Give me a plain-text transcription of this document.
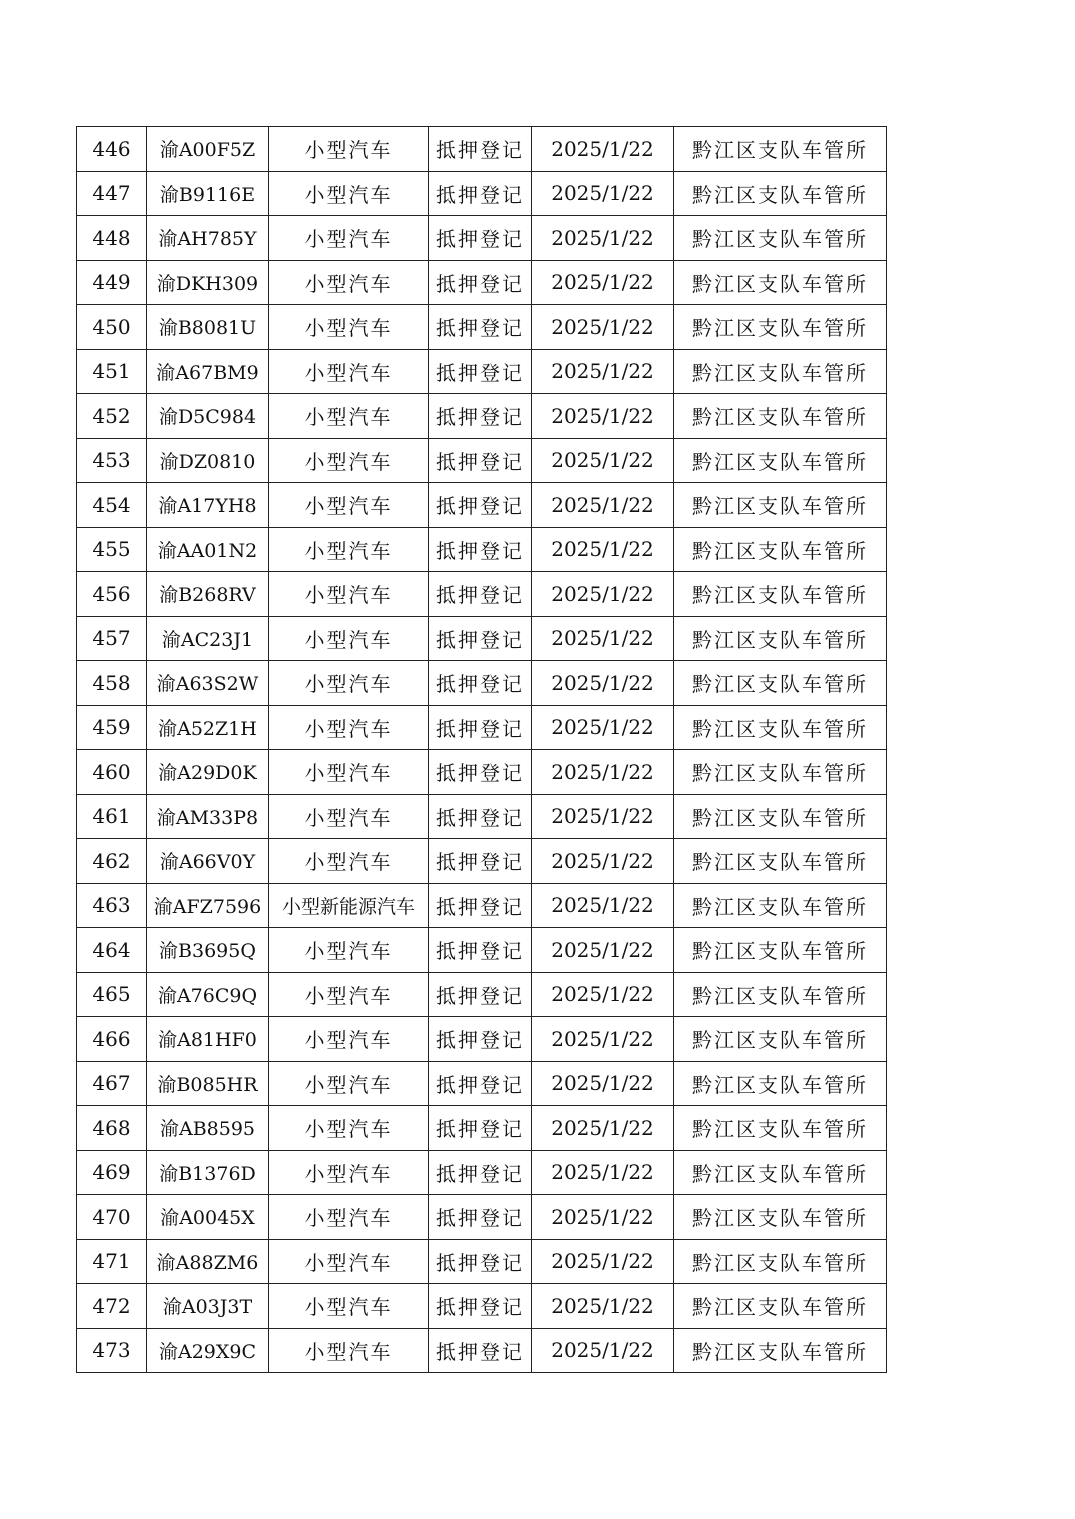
446	渝A00F5Z	小型汽车	抵押登记	2025/1/22	黔江区支队车管所
447	渝B9116E	小型汽车	抵押登记	2025/1/22	黔江区支队车管所
448	渝AH785Y	小型汽车	抵押登记	2025/1/22	黔江区支队车管所
449	渝DKH309	小型汽车	抵押登记	2025/1/22	黔江区支队车管所
450	渝B8081U	小型汽车	抵押登记	2025/1/22	黔江区支队车管所
451	渝A67BM9	小型汽车	抵押登记	2025/1/22	黔江区支队车管所
452	渝D5C984	小型汽车	抵押登记	2025/1/22	黔江区支队车管所
453	渝DZ0810	小型汽车	抵押登记	2025/1/22	黔江区支队车管所
454	渝A17YH8	小型汽车	抵押登记	2025/1/22	黔江区支队车管所
455	渝AA01N2	小型汽车	抵押登记	2025/1/22	黔江区支队车管所
456	渝B268RV	小型汽车	抵押登记	2025/1/22	黔江区支队车管所
457	渝AC23J1	小型汽车	抵押登记	2025/1/22	黔江区支队车管所
458	渝A63S2W	小型汽车	抵押登记	2025/1/22	黔江区支队车管所
459	渝A52Z1H	小型汽车	抵押登记	2025/1/22	黔江区支队车管所
460	渝A29D0K	小型汽车	抵押登记	2025/1/22	黔江区支队车管所
461	渝AM33P8	小型汽车	抵押登记	2025/1/22	黔江区支队车管所
462	渝A66V0Y	小型汽车	抵押登记	2025/1/22	黔江区支队车管所
463	渝AFZ7596	小型新能源汽车	抵押登记	2025/1/22	黔江区支队车管所
464	渝B3695Q	小型汽车	抵押登记	2025/1/22	黔江区支队车管所
465	渝A76C9Q	小型汽车	抵押登记	2025/1/22	黔江区支队车管所
466	渝A81HF0	小型汽车	抵押登记	2025/1/22	黔江区支队车管所
467	渝B085HR	小型汽车	抵押登记	2025/1/22	黔江区支队车管所
468	渝AB8595	小型汽车	抵押登记	2025/1/22	黔江区支队车管所
469	渝B1376D	小型汽车	抵押登记	2025/1/22	黔江区支队车管所
470	渝A0045X	小型汽车	抵押登记	2025/1/22	黔江区支队车管所
471	渝A88ZM6	小型汽车	抵押登记	2025/1/22	黔江区支队车管所
472	渝A03J3T	小型汽车	抵押登记	2025/1/22	黔江区支队车管所
473	渝A29X9C	小型汽车	抵押登记	2025/1/22	黔江区支队车管所
